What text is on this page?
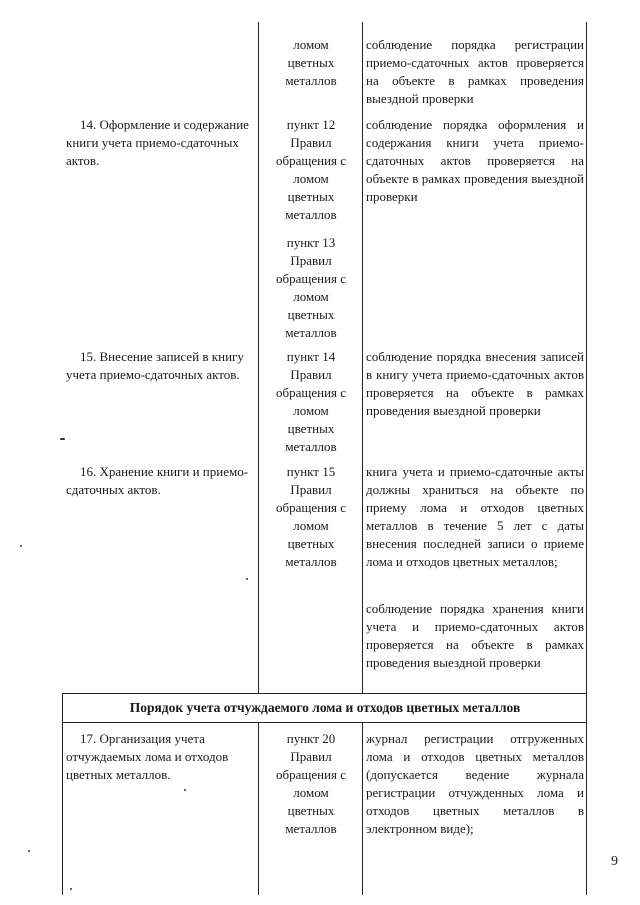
ломом
цветных
металлов
соблюдение порядка регистрации приемо-сдаточных актов проверяется на объекте в рамках проведения выездной проверки
14. Оформление и содержание книги учета приемо-сдаточных актов.
пункт 12
Правил
обращения с
ломом
цветных
металлов
пункт 13
Правил
обращения с
ломом
цветных
металлов
соблюдение порядка оформления и содержания книги учета приемо-сдаточных актов проверяется на объекте в рамках проведения выездной проверки
15. Внесение записей в книгу учета приемо-сдаточных актов.
пункт 14
Правил
обращения с
ломом
цветных
металлов
соблюдение порядка внесения записей в книгу учета приемо-сдаточных актов проверяется на объекте в рамках проведения выездной проверки
16. Хранение книги и приемо-сдаточных актов.
пункт 15
Правил
обращения с
ломом
цветных
металлов
книга учета и приемо-сдаточные акты должны храниться на объекте по приему лома и отходов цветных металлов в течение 5 лет с даты внесения последней записи о приеме лома и отходов цветных металлов;
соблюдение порядка хранения книги учета и приемо-сдаточных актов проверяется на объекте в рамках проведения выездной проверки
Порядок учета отчуждаемого лома и отходов цветных металлов
17. Организация учета отчуждаемых лома и отходов цветных металлов.
пункт 20
Правил
обращения с
ломом
цветных
металлов
журнал регистрации отгруженных лома и отходов цветных металлов (допускается ведение журнала регистрации отчужденных лома и отходов цветных металлов в электронном виде);
9
